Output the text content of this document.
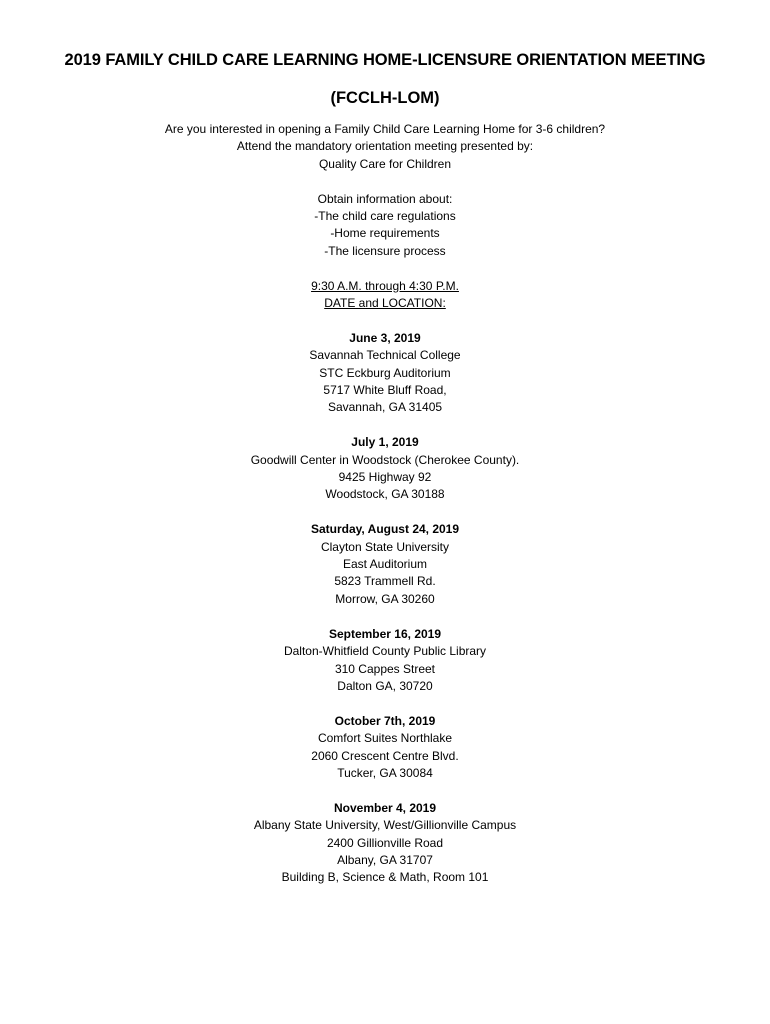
2019 FAMILY CHILD CARE LEARNING HOME-LICENSURE ORIENTATION MEETING
(FCCLH-LOM)
Are you interested in opening a Family Child Care Learning Home for 3-6 children?
Attend the mandatory orientation meeting presented by:
Quality Care for Children
Obtain information about:
-The child care regulations
-Home requirements
-The licensure process
9:30 A.M. through 4:30 P.M.
DATE and LOCATION:
June 3, 2019
Savannah Technical College
STC Eckburg Auditorium
5717 White Bluff Road,
Savannah, GA 31405
July 1, 2019
Goodwill Center in Woodstock (Cherokee County).
9425 Highway 92
Woodstock, GA 30188
Saturday, August 24, 2019
Clayton State University
East Auditorium
5823 Trammell Rd.
Morrow, GA 30260
September 16, 2019
Dalton-Whitfield County Public Library
310 Cappes Street
Dalton GA, 30720
October 7th, 2019
Comfort Suites Northlake
2060 Crescent Centre Blvd.
Tucker, GA 30084
November 4, 2019
Albany State University, West/Gillionville Campus
2400 Gillionville Road
Albany, GA 31707
Building B, Science & Math, Room 101
